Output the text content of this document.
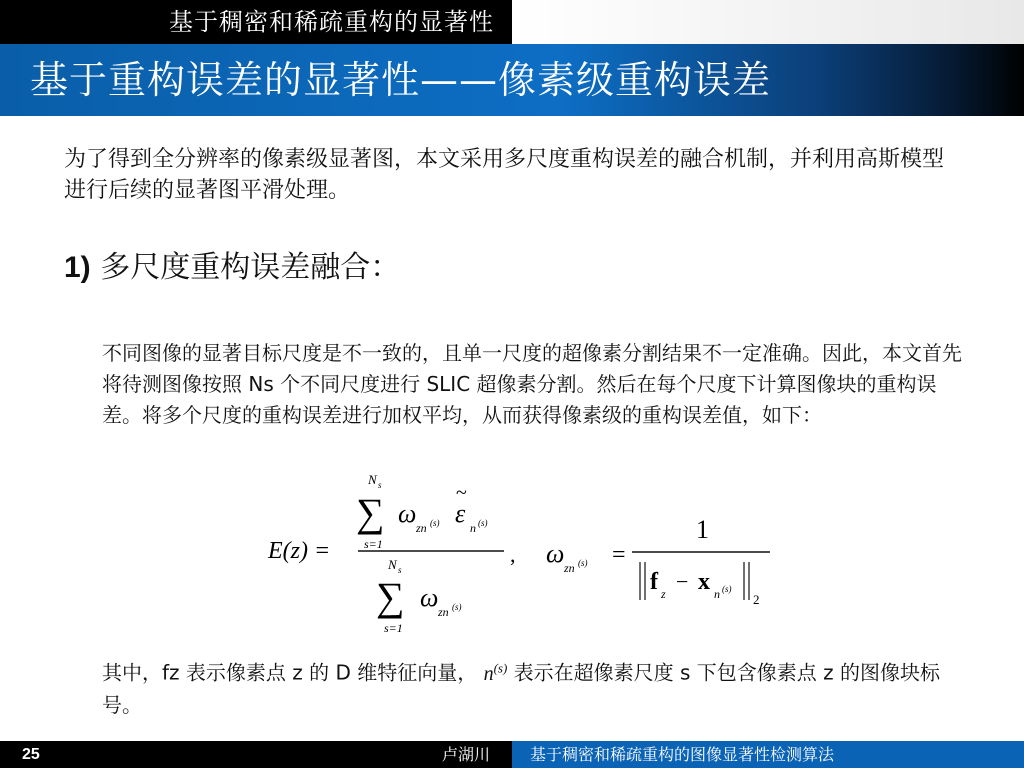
基于稠密和稀疏重构的显著性
基于重构误差的显著性——像素级重构误差
为了得到全分辨率的像素级显著图，本文采用多尺度重构误差的融合机制，并利用高斯模型进行后续的显著图平滑处理。
1) 多尺度重构误差融合：
不同图像的显著目标尺度是不一致的，且单一尺度的超像素分割结果不一定准确。因此，本文首先将待测图像按照 Ns 个不同尺度进行 SLIC 超像素分割。然后在每个尺度下计算图像块的重构误差。将多个尺度的重构误差进行加权平均，从而获得像素级的重构误差值，如下：
E(z) =
N s
∑
s=1
ω zn (s)
~
ε n (s)
N s
∑
s=1
ω zn (s)
, ω zn (s) =
1
f z − x n (s)
2
其中，fz 表示像素点 z 的 D 维特征向量， $n^{(s)}$ 表示在超像素尺度 s 下包含像素点 z 的图像块标号。
25	卢湖川	基于稠密和稀疏重构的图像显著性检测算法
